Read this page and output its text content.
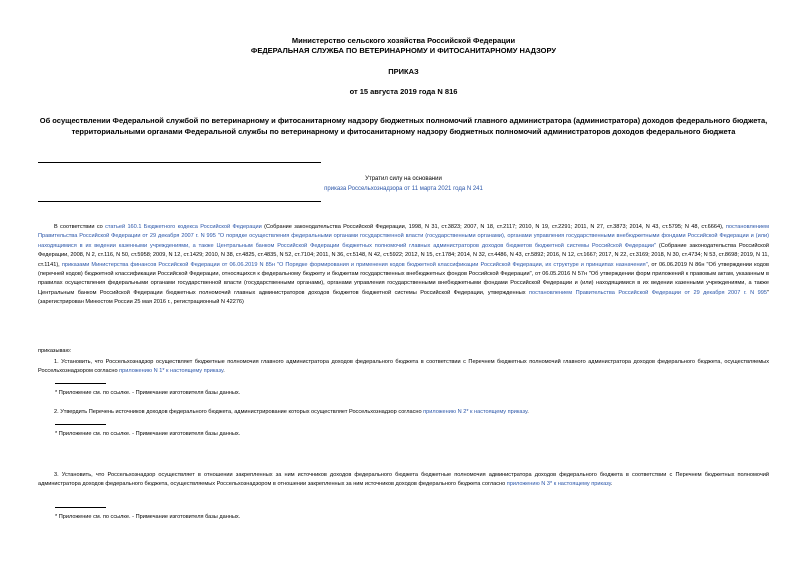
Министерство сельского хозяйства Российской Федерации
ФЕДЕРАЛЬНАЯ СЛУЖБА ПО ВЕТЕРИНАРНОМУ И ФИТОСАНИТАРНОМУ НАДЗОРУ
ПРИКАЗ
от 15 августа 2019 года N 816
Об осуществлении Федеральной службой по ветеринарному и фитосанитарному надзору бюджетных полномочий главного администратора (администратора) доходов федерального бюджета, территориальными органами Федеральной службы по ветеринарному и фитосанитарному надзору бюджетных полномочий администраторов доходов федерального бюджета
Утратил силу на основании
приказа Россельхознадзора от 11 марта 2021 года N 241
В соответствии со статьей 160.1 Бюджетного кодекса Российской Федерации (Собрание законодательства Российской Федерации, 1998, N 31, ст.3823; 2007, N 18, ст.2117; 2010, N 19, ст.2291; 2011, N 27, ст.3873; 2014, N 43, ст.5795; N 48, ст.6664), постановлением Правительства Российской Федерации от 29 декабря 2007 г. N 995 "О порядке осуществления федеральными органами государственной власти (государственными органами), органами управления государственными внебюджетными фондами Российской Федерации и (или) находящимися в их ведении казенными учреждениями, а также Центральным банком Российской Федерации бюджетных полномочий главных администраторов доходов бюджетов бюджетной системы Российской Федерации" (Собрание законодательства Российской Федерации, 2008, N 2, ст.116, N 50, ст.5958; 2009, N 12, ст.1429; 2010, N 38, ст.4825, ст.4835, N 52, ст.7104; 2011, N 36, ст.5148, N 42, ст.5922; 2012, N 15, ст.1784; 2014, N 32, ст.4486, N 43, ст.5892; 2016, N 12, ст.1667; 2017, N 22, ст.3169; 2018, N 30, ст.4734; N 53, ст.8698; 2019, N 11, ст.1141), приказами Министерства финансов Российской Федерации от 06.06.2019 N 85н "О Порядке формирования и применения кодов бюджетной классификации Российской Федерации, их структуре и принципах назначения", от 06.06.2019 N 86н "Об утверждении кодов (перечней кодов) бюджетной классификации Российской Федерации, относящихся к федеральному бюджету и бюджетам государственных внебюджетных фондов Российской Федерации", от 06.05.2016 N 57н "Об утверждении форм приложений к правовым актам, указанным в правилах осуществления федеральными органами государственной власти (государственными органами), органами управления государственными внебюджетными фондами Российской Федерации и (или) находящимися в их ведении казенными учреждениями, а также Центральным банком Российской Федерации бюджетных полномочий главных администраторов доходов бюджетов бюджетной системы Российской Федерации, утвержденных постановлением Правительства Российской Федерации от 29 декабря 2007 г. N 995" (зарегистрирован Минюстом России 25 мая 2016 г., регистрационный N 42276)
приказываю:
1. Установить, что Россельхознадзор осуществляет бюджетные полномочия главного администратора доходов федерального бюджета в соответствии с Перечнем бюджетных полномочий главного администратора доходов федерального бюджета, осуществляемых Россельхознадзором согласно приложению N 1* к настоящему приказу.
* Приложение см. по ссылке. - Примечание изготовителя базы данных.
2. Утвердить Перечень источников доходов федерального бюджета, администрирование которых осуществляет Россельхознадзор согласно приложению N 2* к настоящему приказу.
* Приложение см. по ссылке. - Примечание изготовителя базы данных.
3. Установить, что Россельхознадзор осуществляет в отношении закрепленных за ним источников доходов федерального бюджета бюджетные полномочия администратора доходов федерального бюджета в соответствии с Перечнем бюджетных полномочий администратора доходов федерального бюджета, осуществляемых Россельхознадзором в отношении закрепленных за ним источников доходов федерального бюджета согласно приложению N 3* к настоящему приказу.
* Приложение см. по ссылке. - Примечание изготовителя базы данных.
